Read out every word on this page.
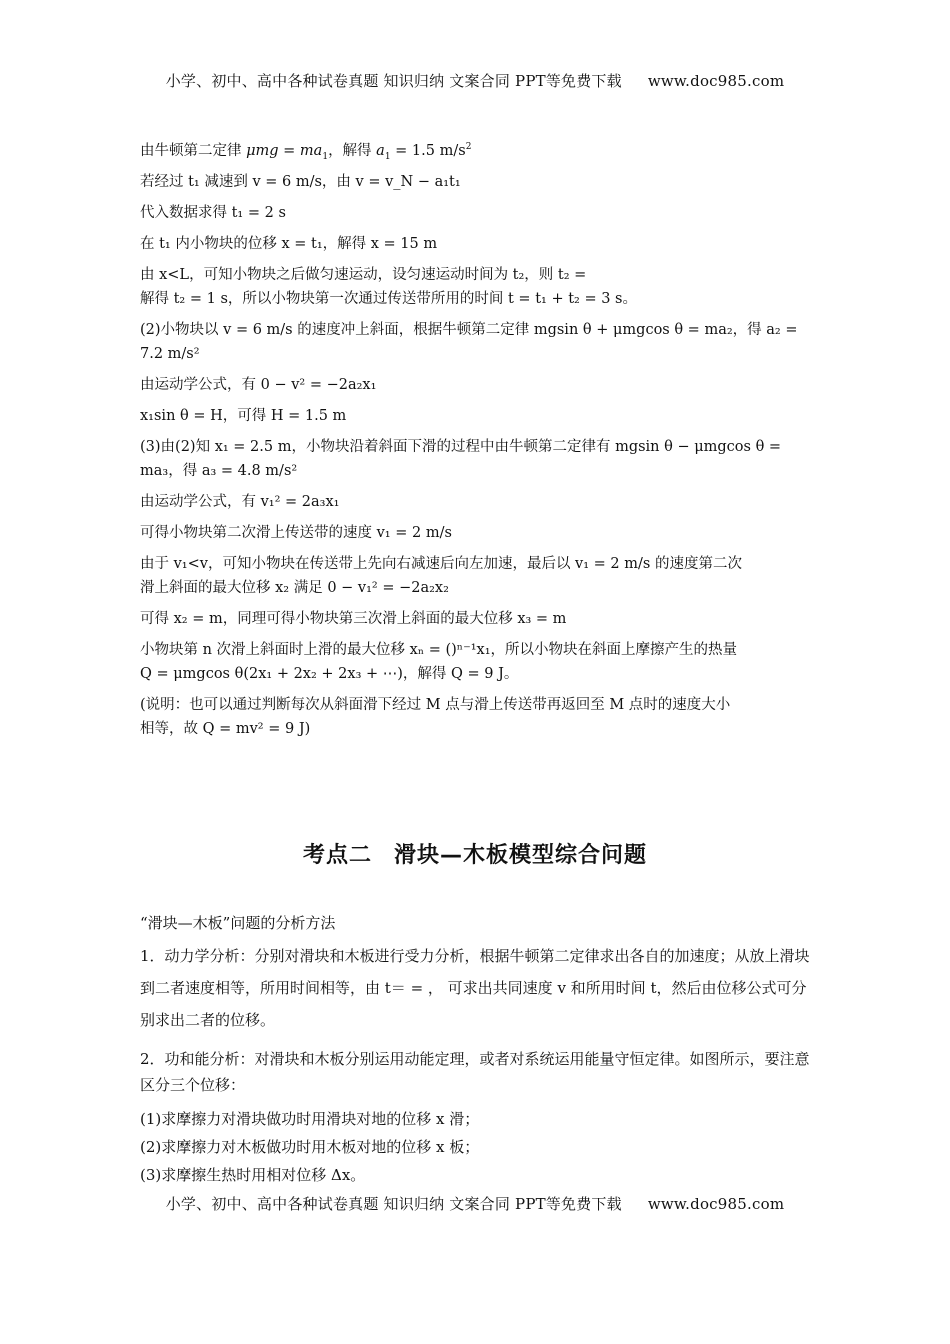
小学、初中、高中各种试卷真题 知识归纳 文案合同 PPT等免费下载 www.doc985.com

由牛顿第二定律 $\mu mg = ma_1$，解得 $a_1 = 1.5$ $m/s^2$

若经过 t₁ 减速到 v = 6 m/s，由 v = v_N − a₁t₁

代入数据求得 t₁ = 2 s

在 t₁ 内小物块的位移 x = t₁，解得 x = 15 m

由 x<L，可知小物块之后做匀速运动，设匀速运动时间为 t₂，则 t₂ =

解得 t₂ = 1 s，所以小物块第一次通过传送带所用的时间 t = t₁ + t₂ = 3 s。

(2)小物块以 v = 6 m/s 的速度冲上斜面，根据牛顿第二定律 mgsin θ + μmgcos θ = ma₂，得 a₂ =

7.2 m/s²

由运动学公式，有 0 − v² = −2a₂x₁

x₁sin θ = H，可得 H = 1.5 m

(3)由(2)知 x₁ = 2.5 m，小物块沿着斜面下滑的过程中由牛顿第二定律有 mgsin θ − μmgcos θ =

ma₃，得 a₃ = 4.8 m/s²

由运动学公式，有 v₁² = 2a₃x₁

可得小物块第二次滑上传送带的速度 v₁ = 2 m/s

由于 v₁<v，可知小物块在传送带上先向右减速后向左加速，最后以 v₁ = 2 m/s 的速度第二次

滑上斜面的最大位移 x₂ 满足 0 − v₁² = −2a₂x₂

可得 x₂ = m，同理可得小物块第三次滑上斜面的最大位移 x₃ = m

小物块第 n 次滑上斜面时上滑的最大位移 xₙ = ()ⁿ⁻¹x₁，所以小物块在斜面上摩擦产生的热量

Q = μmgcos θ(2x₁ + 2x₂ + 2x₃ + ⋯)，解得 Q = 9 J。

(说明：也可以通过判断每次从斜面滑下经过 M 点与滑上传送带再返回至 M 点时的速度大小

相等，故 Q = mv² = 9 J)

考点二 滑块—木板模型综合问题

“滑块—木板”问题的分析方法

1．动力学分析：分别对滑块和木板进行受力分析，根据牛顿第二定律求出各自的加速度；从放上滑块到二者速度相等，所用时间相等，由 t＝ = ， 可求出共同速度 v 和所用时间 t，然后由位移公式可分别求出二者的位移。

2．功和能分析：对滑块和木板分别运用动能定理，或者对系统运用能量守恒定律。如图所示，要注意区分三个位移：

(1)求摩擦力对滑块做功时用滑块对地的位移 x 滑；

(2)求摩擦力对木板做功时用木板对地的位移 x 板；

(3)求摩擦生热时用相对位移 Δx。

小学、初中、高中各种试卷真题 知识归纳 文案合同 PPT等免费下载 www.doc985.com
